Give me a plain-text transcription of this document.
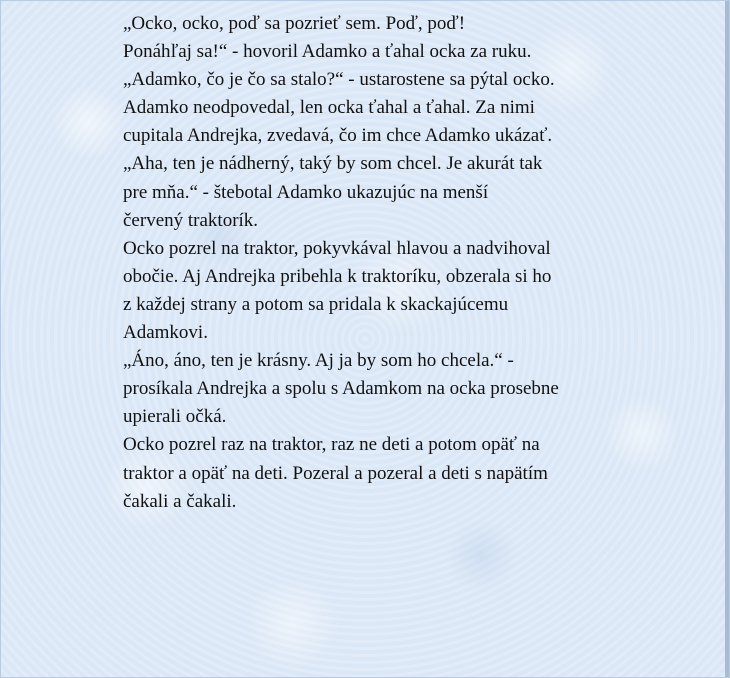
„Ocko, ocko, poď sa pozrieť sem. Poď, poď!
Ponáhľaj sa!“ - hovoril Adamko a ťahal ocka za ruku.
„Adamko, čo je čo sa stalo?“ - ustarostene sa pýtal ocko.
Adamko neodpovedal, len ocka ťahal a ťahal. Za nimi
cupitala Andrejka, zvedavá, čo im chce Adamko ukázať.
„Aha, ten je nádherný, taký by som chcel. Je akurát tak
pre mňa.“ - štebotal Adamko ukazujúc na menší
červený traktorík.
Ocko pozrel na traktor, pokyvkával hlavou a nadvihoval
obočie. Aj Andrejka pribehla k traktoríku, obzerala si ho
z každej strany a potom sa pridala k skackajúcemu
Adamkovi.
„Áno, áno, ten je krásny. Aj ja by som ho chcela.“ -
prosíkala Andrejka a spolu s Adamkom na ocka prosebne
upierali očká.
Ocko pozrel raz na traktor, raz ne deti a potom opäť na
traktor a opäť na deti. Pozeral a pozeral a deti s napätím
čakali a čakali.
